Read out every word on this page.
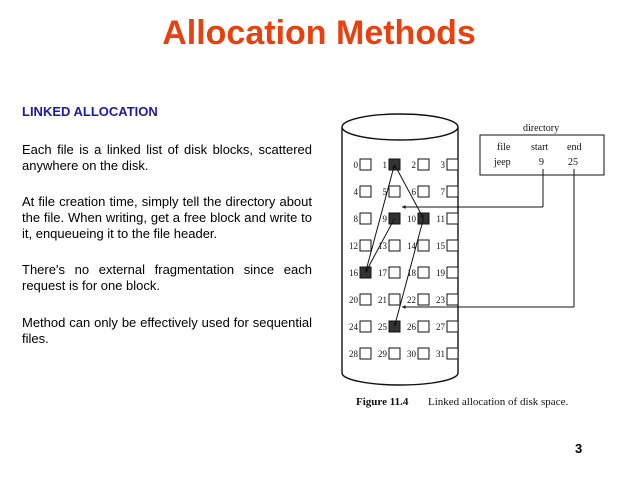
Allocation Methods
LINKED ALLOCATION
Each file is a linked list of disk blocks, scattered anywhere on the disk.
At file creation time, simply tell the directory about the file. When writing, get a free block and write to it, enqueueing it to the file header.
There's no external fragmentation since each request is for one block.
Method can only be effectively used for sequential files.
0	1	2	3
4	5	6	7
8	9 10 11
12 13 14 15
16 17 18 19
20 21 22 23
24 25 26 27
28 29 30 31
directory
file start end
jeep	9 25
Figure 11.4 Linked allocation of disk space.
3
